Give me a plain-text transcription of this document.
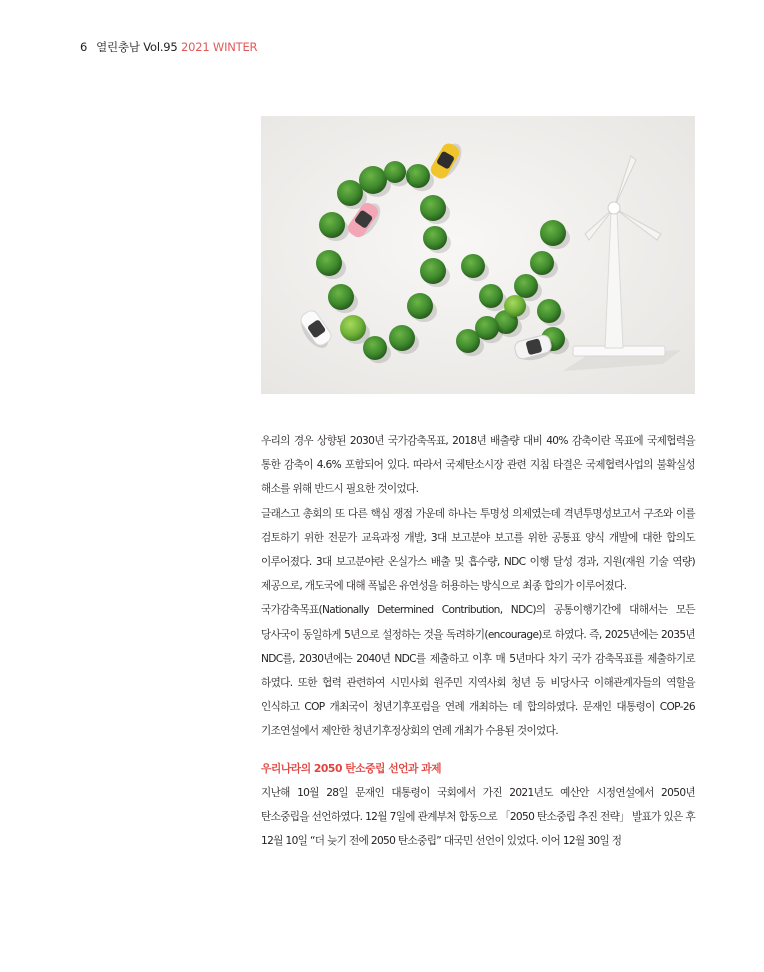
6 열린충남 Vol.95 2021 WINTER

우리의 경우 상향된 2030년 국가감축목표, 2018년 배출량 대비 40% 감축이란 목표에 국제협력을 통한 감축이 4.6% 포함되어 있다. 따라서 국제탄소시장 관련 지침 타결은 국제협력사업의 불확실성 해소를 위해 반드시 필요한 것이었다.

글래스고 총회의 또 다른 핵심 쟁점 가운데 하나는 투명성 의제였는데 격년투명성보고서 구조와 이를 검토하기 위한 전문가 교육과정 개발, 3대 보고분야 보고를 위한 공통표 양식 개발에 대한 합의도 이루어졌다. 3대 보고분야란 온실가스 배출 및 흡수량, NDC 이행 달성 경과, 지원(재원 기술 역량) 제공으로, 개도국에 대해 폭넓은 유연성을 허용하는 방식으로 최종 합의가 이루어졌다.

국가감축목표(Nationally Determined Contribution, NDC)의 공통이행기간에 대해서는 모든 당사국이 동일하게 5년으로 설정하는 것을 독려하기(encourage)로 하였다. 즉, 2025년에는 2035년 NDC를, 2030년에는 2040년 NDC를 제출하고 이후 매 5년마다 차기 국가 감축목표를 제출하기로 하였다. 또한 협력 관련하여 시민사회 원주민 지역사회 청년 등 비당사국 이해관계자들의 역할을 인식하고 COP 개최국이 청년기후포럼을 연례 개최하는 데 합의하였다. 문재인 대통령이 COP-26 기조연설에서 제안한 청년기후정상회의 연례 개최가 수용된 것이었다.

우리나라의 2050 탄소중립 선언과 과제

지난해 10월 28일 문재인 대통령이 국회에서 가진 2021년도 예산안 시정연설에서 2050년 탄소중립을 선언하였다. 12월 7일에 관계부처 합동으로 「2050 탄소중립 추진 전략」 발표가 있은 후 12월 10일 “더 늦기 전에 2050 탄소중립” 대국민 선언이 있었다. 이어 12월 30일 정
